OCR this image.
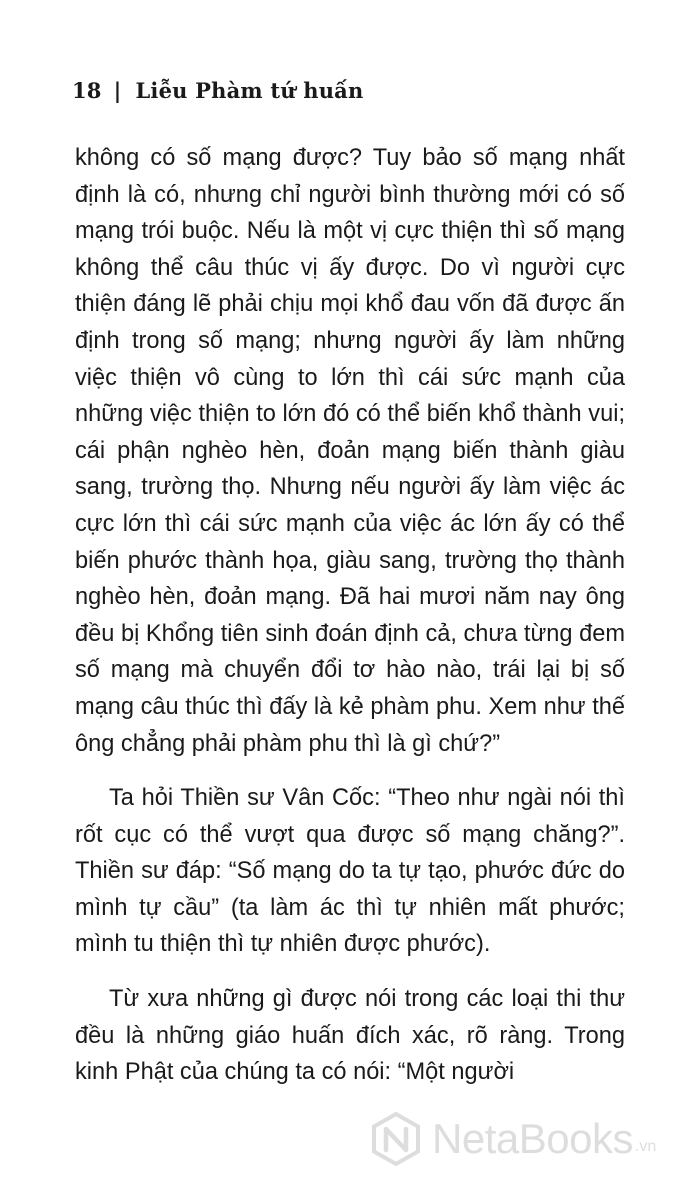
18 | Liễu Phàm tứ huấn

không có số mạng được? Tuy bảo số mạng nhất định là có, nhưng chỉ người bình thường mới có số mạng trói buộc. Nếu là một vị cực thiện thì số mạng không thể câu thúc vị ấy được. Do vì người cực thiện đáng lẽ phải chịu mọi khổ đau vốn đã được ấn định trong số mạng; nhưng người ấy làm những việc thiện vô cùng to lớn thì cái sức mạnh của những việc thiện to lớn đó có thể biến khổ thành vui; cái phận nghèo hèn, đoản mạng biến thành giàu sang, trường thọ. Nhưng nếu người ấy làm việc ác cực lớn thì cái sức mạnh của việc ác lớn ấy có thể biến phước thành họa, giàu sang, trường thọ thành nghèo hèn, đoản mạng. Đã hai mươi năm nay ông đều bị Khổng tiên sinh đoán định cả, chưa từng đem số mạng mà chuyển đổi tơ hào nào, trái lại bị số mạng câu thúc thì đấy là kẻ phàm phu. Xem như thế ông chẳng phải phàm phu thì là gì chứ?”

Ta hỏi Thiền sư Vân Cốc: “Theo như ngài nói thì rốt cục có thể vượt qua được số mạng chăng?”. Thiền sư đáp: “Số mạng do ta tự tạo, phước đức do mình tự cầu” (ta làm ác thì tự nhiên mất phước; mình tu thiện thì tự nhiên được phước).

Từ xưa những gì được nói trong các loại thi thư đều là những giáo huấn đích xác, rõ ràng. Trong kinh Phật của chúng ta có nói: “Một người

NetaBooks .vn
